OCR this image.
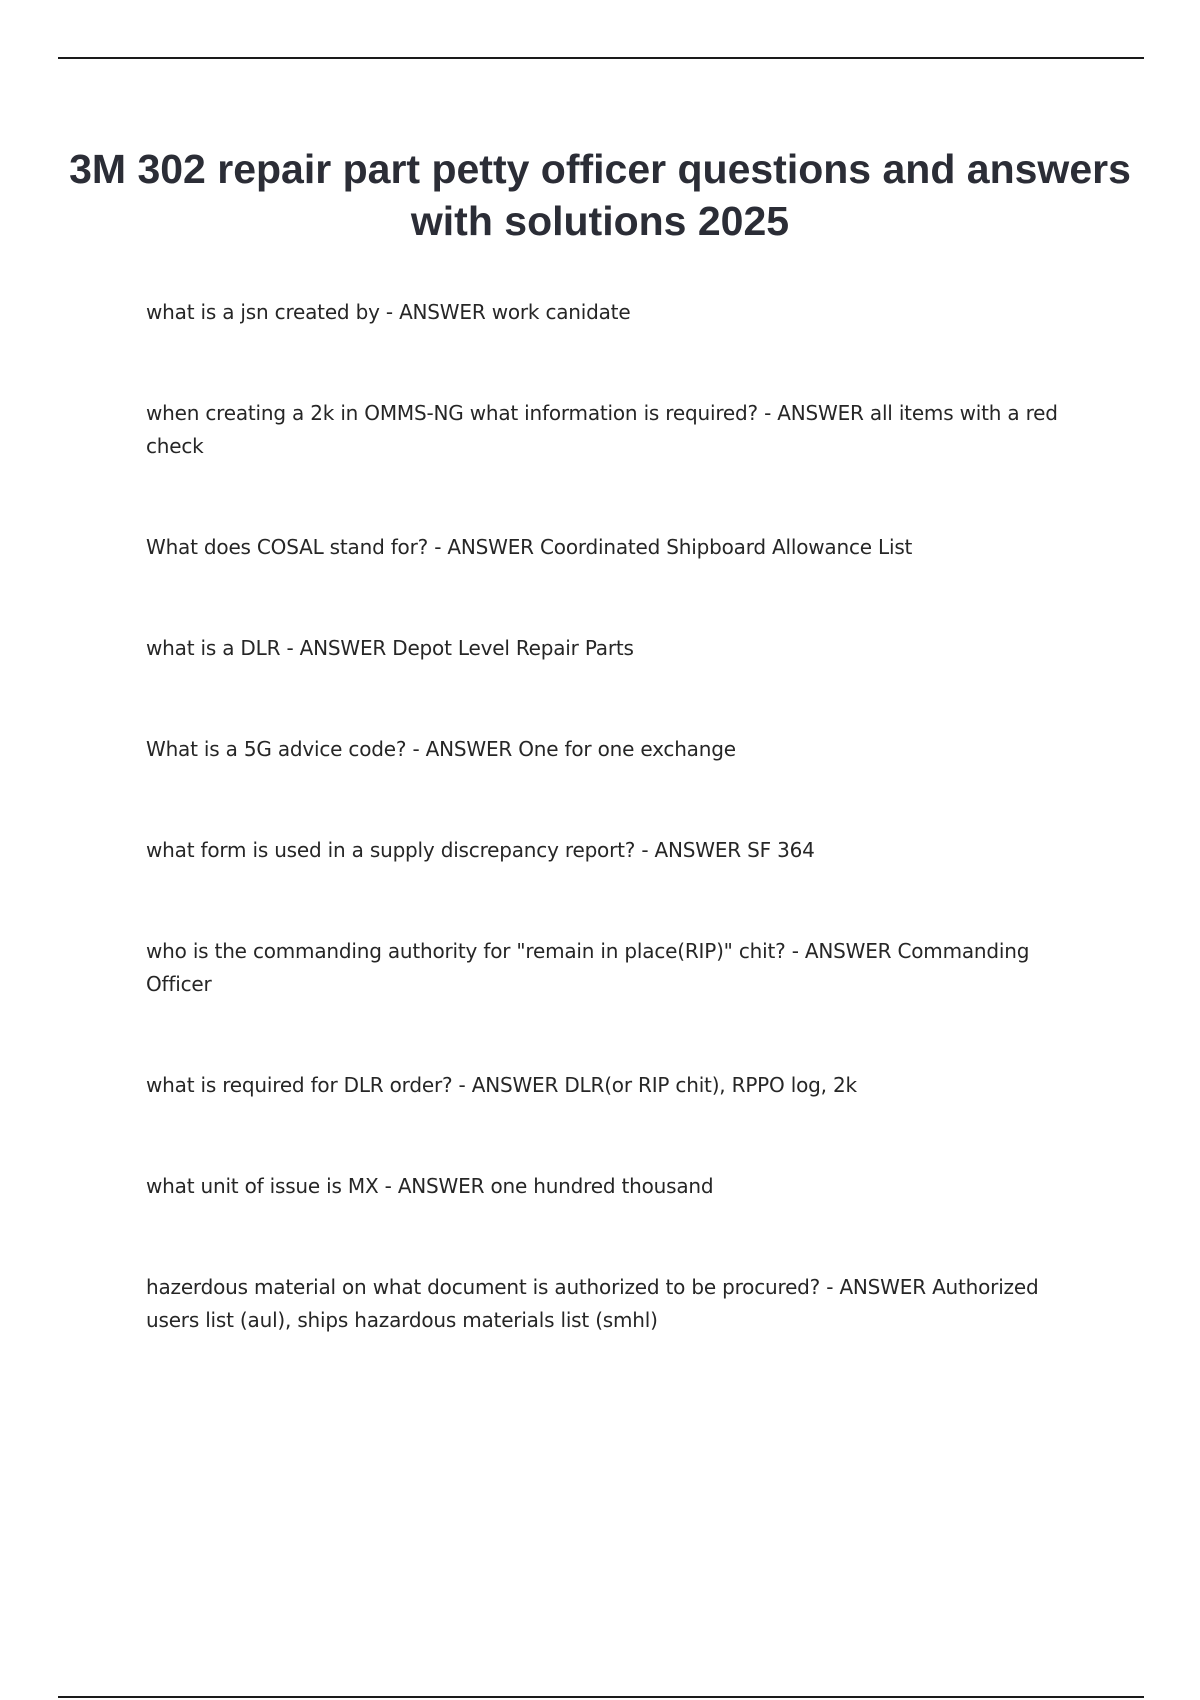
3M 302 repair part petty officer questions and answers with solutions 2025
what is a jsn created by - ANSWER work canidate
when creating a 2k in OMMS-NG what information is required? - ANSWER all items with a red check
What does COSAL stand for? - ANSWER Coordinated Shipboard Allowance List
what is a DLR - ANSWER Depot Level Repair Parts
What is a 5G advice code? - ANSWER One for one exchange
what form is used in a supply discrepancy report? - ANSWER SF 364
who is the commanding authority for "remain in place(RIP)" chit? - ANSWER Commanding Officer
what is required for DLR order? - ANSWER DLR(or RIP chit), RPPO log, 2k
what unit of issue is MX - ANSWER one hundred thousand
hazerdous material on what document is authorized to be procured? - ANSWER Authorized users list (aul), ships hazardous materials list (smhl)
